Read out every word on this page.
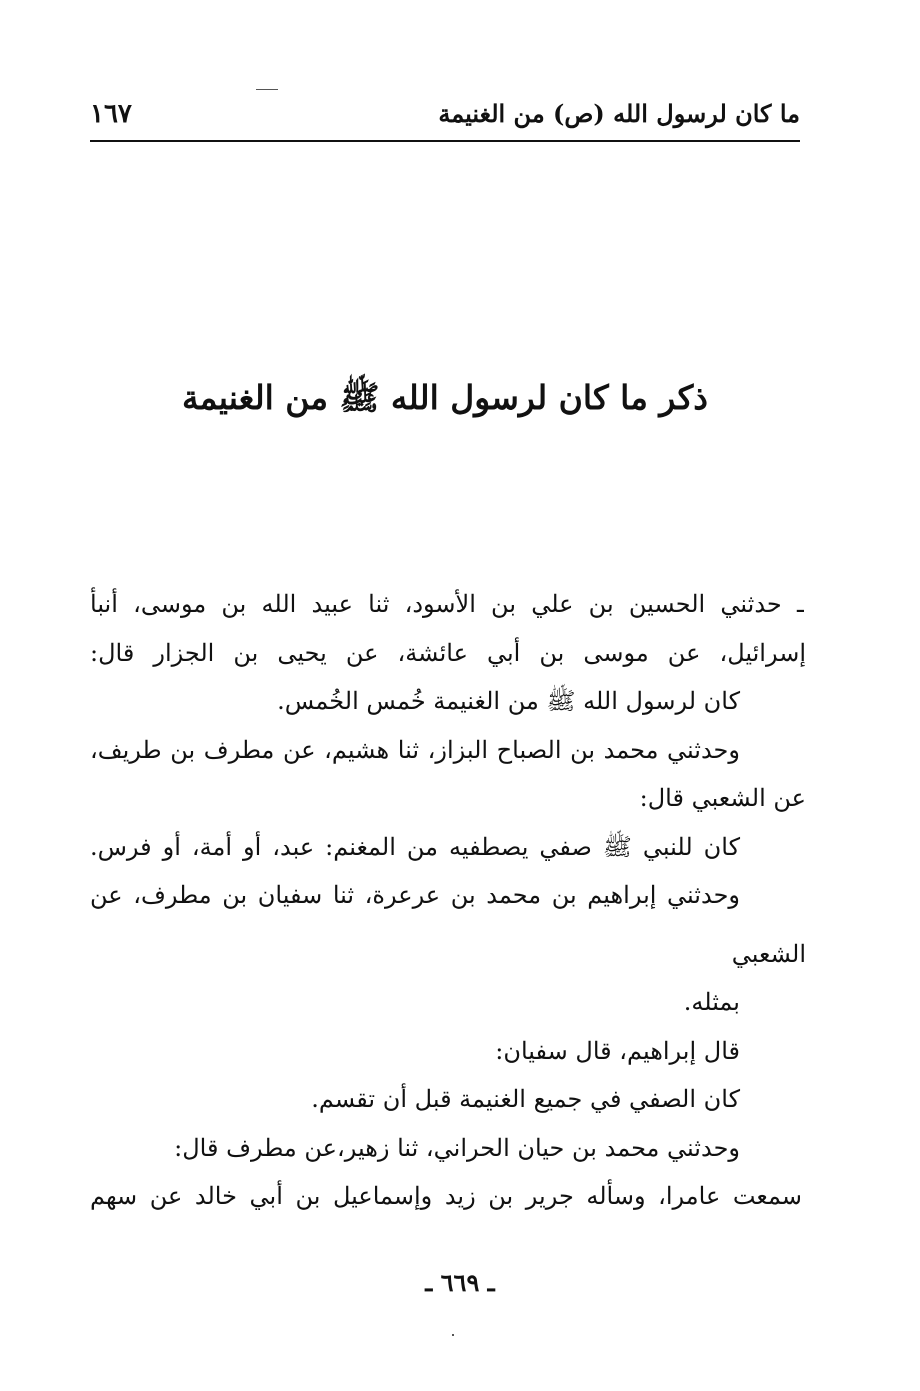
ما كان لرسول الله (ص) من الغنيمة
١٦٧
ذكر ما كان لرسول الله ﷺ من الغنيمة
ـ حدثني الحسين بن علي بن الأسود، ثنا عبيد الله بن موسى، أنبأ
إسرائيل، عن موسى بن أبي عائشة، عن يحيى بن الجزار قال:
كان لرسول الله ﷺ من الغنيمة خُمس الخُمس.
وحدثني محمد بن الصباح البزاز، ثنا هشيم، عن مطرف بن طريف،
عن الشعبي قال:
كان للنبي ﷺ صفي يصطفيه من المغنم: عبد، أو أمة، أو فرس.
وحدثني إبراهيم بن محمد بن عرعرة، ثنا سفيان بن مطرف، عن
الشعبي
بمثله.
قال إبراهيم، قال سفيان:
كان الصفي في جميع الغنيمة قبل أن تقسم.
وحدثني محمد بن حيان الحراني، ثنا زهير،عن مطرف قال:
سمعت عامرا، وسأله جرير بن زيد وإسماعيل بن أبي خالد عن سهم
ـ ٦٦٩ ـ
